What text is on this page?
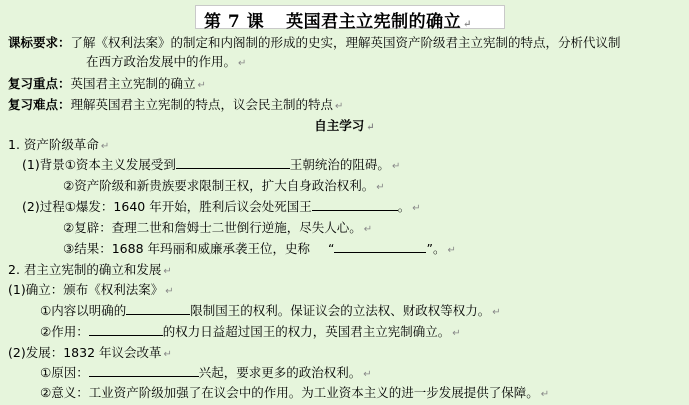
第 7 课 英国君主立宪制的确立 ↵
课标要求：了解《权利法案》的制定和内阁制的形成的史实，理解英国资产阶级君主立宪制的特点，分析代议制
在西方政治发展中的作用。 ↵
复习重点：英国君主立宪制的确立 ↵
复习难点：理解英国君主立宪制的特点，议会民主制的特点 ↵
自主学习 ↵
1. 资产阶级革命 ↵
(1)背景①资本主义发展受到	王朝统治的阻碍。 ↵
②资产阶级和新贵族要求限制王权，扩大自身政治权利。 ↵
(2)过程①爆发：1640 年开始，胜利后议会处死国王	。 ↵
②复辟：查理二世和詹姆士二世倒行逆施，尽失人心。 ↵
③结果：1688 年玛丽和威廉承袭王位，史称 “	”。 ↵
2. 君主立宪制的确立和发展 ↵
(1)确立：颁布《权利法案》 ↵
①内容以明确的	限制国王的权利。保证议会的立法权、财政权等权力。 ↵
②作用：	的权力日益超过国王的权力，英国君主立宪制确立。 ↵
(2)发展：1832 年议会改革 ↵
①原因：	兴起，要求更多的政治权利。 ↵
②意义：工业资产阶级加强了在议会中的作用。为工业资本主义的进一步发展提供了保障。 ↵
